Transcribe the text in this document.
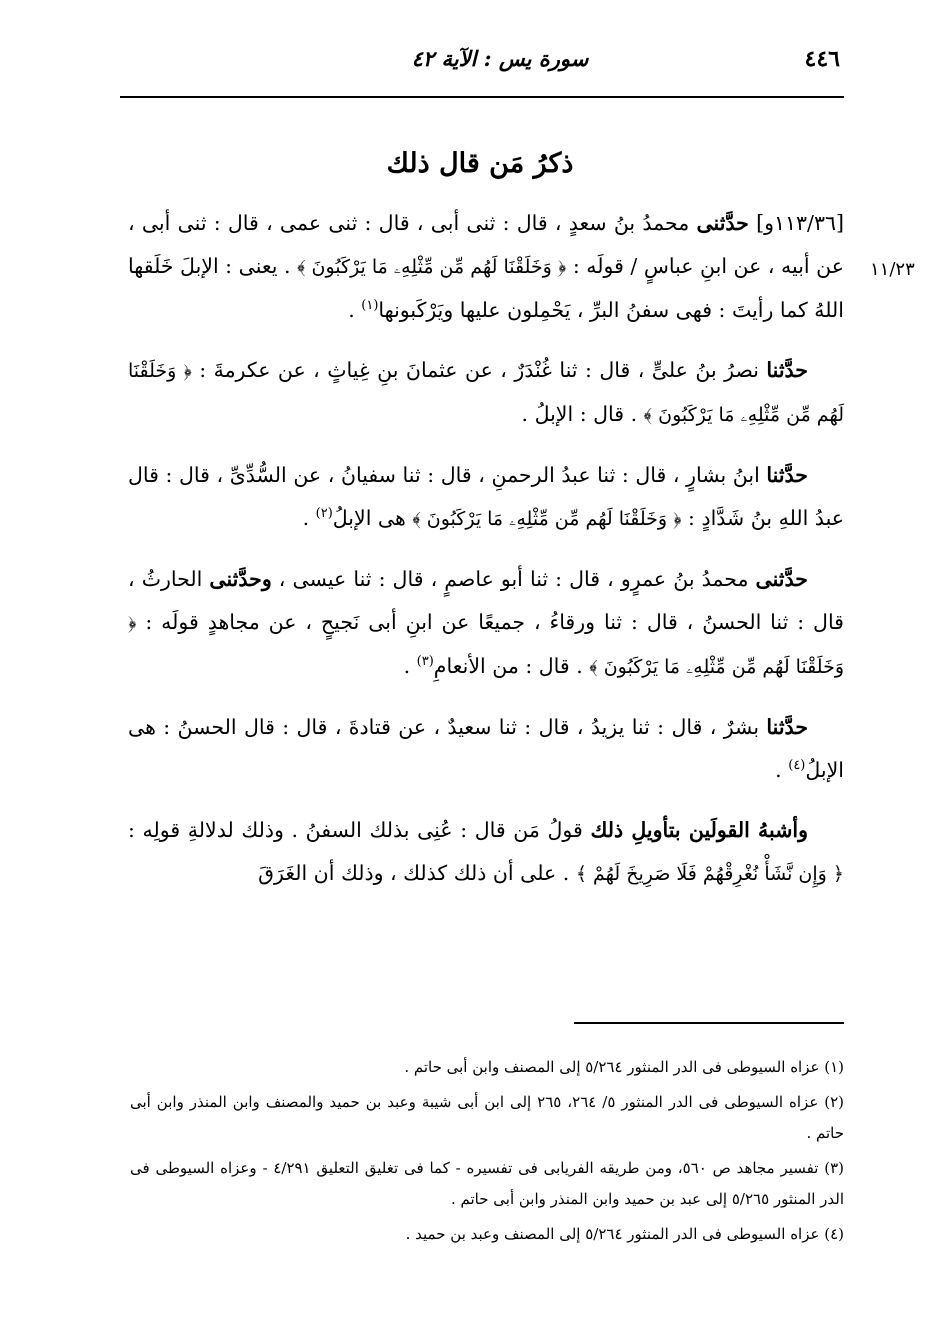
٤٤٦
سورة يس : الآية ٤٢
ذكرُ مَن قال ذلك
١١/٢٣

[١١٣/٣٦و] حدَّثنى محمدُ بنُ سعدٍ ، قال : ثنى أبى ، قال : ثنى عمى ، قال : ثنى أبى ، عن أبيه ، عن ابنِ عباسٍ / قولَه : ﴿ وَخَلَقْنَا لَهُم مِّن مِّثْلِهِۦ مَا يَرْكَبُونَ ﴾ . يعنى : الإبلَ خَلَقها اللهُ كما رأيتَ : فهى سفنُ البرِّ ، يَحْمِلون عليها ويَرْكَبونها$^{(١)}$ .

حدَّثنا نصرُ بنُ علىٍّ ، قال : ثنا غُنْدَرٌ ، عن عثمانَ بنِ غِياثٍ ، عن عكرمةَ : ﴿ وَخَلَقْنَا لَهُم مِّن مِّثْلِهِۦ مَا يَرْكَبُونَ ﴾ . قال : الإبلُ .

حدَّثنا ابنُ بشارٍ ، قال : ثنا عبدُ الرحمنِ ، قال : ثنا سفيانُ ، عن السُّدِّىِّ ، قال : قال عبدُ اللهِ بنُ شَدَّادٍ : ﴿ وَخَلَقْنَا لَهُم مِّن مِّثْلِهِۦ مَا يَرْكَبُونَ ﴾ هى الإبلُ$^{(٢)}$ .

حدَّثنى محمدُ بنُ عمرٍو ، قال : ثنا أبو عاصمٍ ، قال : ثنا عيسى ، وحدَّثنى الحارثُ ، قال : ثنا الحسنُ ، قال : ثنا ورقاءُ ، جميعًا عن ابنِ أبى نَجيحٍ ، عن مجاهدٍ قولَه : ﴿ وَخَلَقْنَا لَهُم مِّن مِّثْلِهِۦ مَا يَرْكَبُونَ ﴾ . قال : من الأنعامِ$^{(٣)}$ .

حدَّثنا بشرٌ ، قال : ثنا يزيدُ ، قال : ثنا سعيدٌ ، عن قتادةَ ، قال : قال الحسنُ : هى الإبلُ$^{(٤)}$ .

وأشبهُ القولَين بتأويلِ ذلك قولُ مَن قال : عُنِى بذلك السفنُ . وذلك لدلالةِ قولِه : ﴿ وَإِن نَّشَأْ نُغْرِقْهُمْ فَلَا صَرِيخَ لَهُمْ ﴾ . على أن ذلك كذلك ، وذلك أن الغَرَقَ

(١) عزاه السيوطى فى الدر المنثور ٥/٢٦٤ إلى المصنف وابن أبى حاتم .

(٢) عزاه السيوطى فى الدر المنثور ٥/ ٢٦٤، ٢٦٥ إلى ابن أبى شيبة وعبد بن حميد والمصنف وابن المنذر وابن أبى حاتم .

(٣) تفسير مجاهد ص ٥٦٠، ومن طريقه الفريابى فى تفسيره - كما فى تغليق التعليق ٤/٢٩١ - وعزاه السيوطى فى الدر المنثور ٥/٢٦٥ إلى عبد بن حميد وابن المنذر وابن أبى حاتم .

(٤) عزاه السيوطى فى الدر المنثور ٥/٢٦٤ إلى المصنف وعبد بن حميد .
